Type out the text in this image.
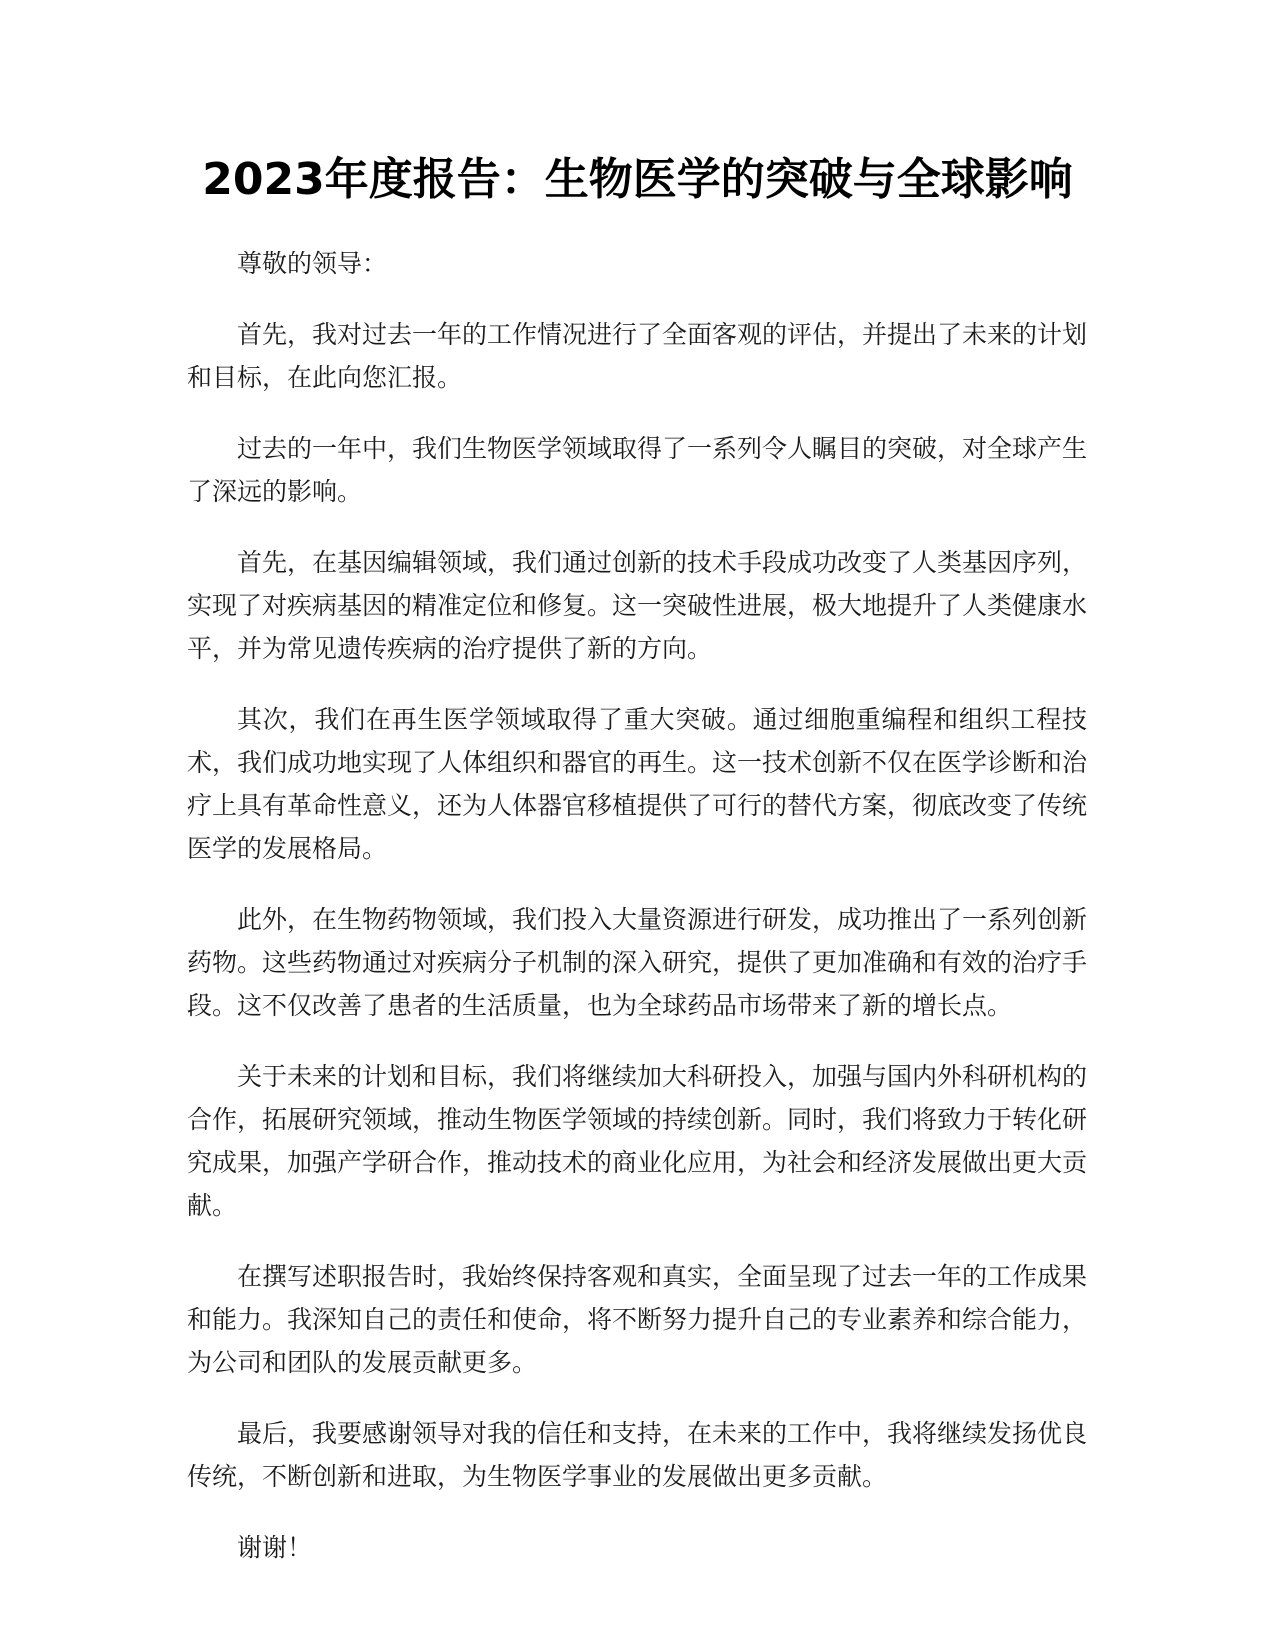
2023年度报告：生物医学的突破与全球影响

尊敬的领导：

首先，我对过去一年的工作情况进行了全面客观的评估，并提出了未来的计划和目标，在此向您汇报。

过去的一年中，我们生物医学领域取得了一系列令人瞩目的突破，对全球产生了深远的影响。

首先，在基因编辑领域，我们通过创新的技术手段成功改变了人类基因序列，实现了对疾病基因的精准定位和修复。这一突破性进展，极大地提升了人类健康水平，并为常见遗传疾病的治疗提供了新的方向。

其次，我们在再生医学领域取得了重大突破。通过细胞重编程和组织工程技术，我们成功地实现了人体组织和器官的再生。这一技术创新不仅在医学诊断和治疗上具有革命性意义，还为人体器官移植提供了可行的替代方案，彻底改变了传统医学的发展格局。

此外，在生物药物领域，我们投入大量资源进行研发，成功推出了一系列创新药物。这些药物通过对疾病分子机制的深入研究，提供了更加准确和有效的治疗手段。这不仅改善了患者的生活质量，也为全球药品市场带来了新的增长点。

关于未来的计划和目标，我们将继续加大科研投入，加强与国内外科研机构的合作，拓展研究领域，推动生物医学领域的持续创新。同时，我们将致力于转化研究成果，加强产学研合作，推动技术的商业化应用，为社会和经济发展做出更大贡献。

在撰写述职报告时，我始终保持客观和真实，全面呈现了过去一年的工作成果和能力。我深知自己的责任和使命，将不断努力提升自己的专业素养和综合能力，为公司和团队的发展贡献更多。

最后，我要感谢领导对我的信任和支持，在未来的工作中，我将继续发扬优良传统，不断创新和进取，为生物医学事业的发展做出更多贡献。

谢谢！
